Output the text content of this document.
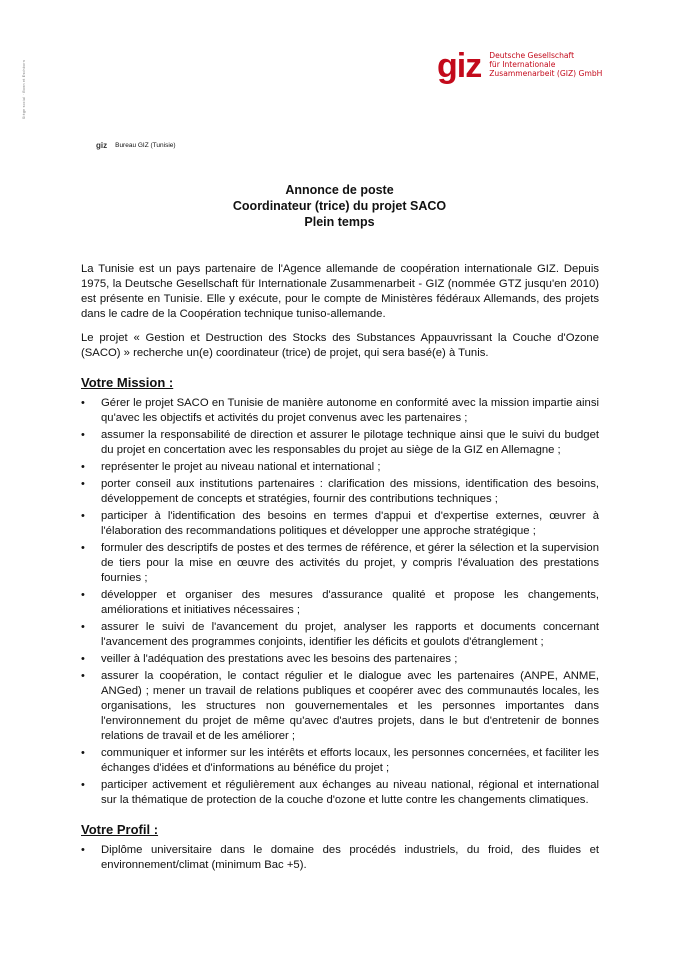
Siège social · Bonn et Eschborn	giz Deutsche Gesellschaft
für Internationale
Zusammenarbeit (GIZ) GmbH
giz Bureau GIZ (Tunisie)
Annonce de poste
Coordinateur (trice) du projet SACO
Plein temps

La Tunisie est un pays partenaire de l'Agence allemande de coopération internationale GIZ. Depuis 1975, la Deutsche Gesellschaft für Internationale Zusammenarbeit - GIZ (nommée GTZ jusqu'en 2010) est présente en Tunisie. Elle y exécute, pour le compte de Ministères fédéraux Allemands, des projets dans le cadre de la Coopération technique tuniso-allemande.

Le projet « Gestion et Destruction des Stocks des Substances Appauvrissant la Couche d'Ozone (SACO) » recherche un(e) coordinateur (trice) de projet, qui sera basé(e) à Tunis.

Votre Mission :
• Gérer le projet SACO en Tunisie de manière autonome en conformité avec la mission impartie ainsi qu'avec les objectifs et activités du projet convenus avec les partenaires ;
• assumer la responsabilité de direction et assurer le pilotage technique ainsi que le suivi du budget du projet en concertation avec les responsables du projet au siège de la GIZ en Allemagne ;
• représenter le projet au niveau national et international ;
• porter conseil aux institutions partenaires : clarification des missions, identification des besoins, développement de concepts et stratégies, fournir des contributions techniques ;
• participer à l'identification des besoins en termes d'appui et d'expertise externes, œuvrer à l'élaboration des recommandations politiques et développer une approche stratégique ;
• formuler des descriptifs de postes et des termes de référence, et gérer la sélection et la supervision de tiers pour la mise en œuvre des activités du projet, y compris l'évaluation des prestations fournies ;
• développer et organiser des mesures d'assurance qualité et propose les changements, améliorations et initiatives nécessaires ;
• assurer le suivi de l'avancement du projet, analyser les rapports et documents concernant l'avancement des programmes conjoints, identifier les déficits et goulots d'étranglement ;
• veiller à l'adéquation des prestations avec les besoins des partenaires ;
• assurer la coopération, le contact régulier et le dialogue avec les partenaires (ANPE, ANME, ANGed) ; mener un travail de relations publiques et coopérer avec des communautés locales, les organisations, les structures non gouvernementales et les personnes importantes dans l'environnement du projet de même qu'avec d'autres projets, dans le but d'entretenir de bonnes relations de travail et de les améliorer ;
• communiquer et informer sur les intérêts et efforts locaux, les personnes concernées, et faciliter les échanges d'idées et d'informations au bénéfice du projet ;
• participer activement et régulièrement aux échanges au niveau national, régional et international sur la thématique de protection de la couche d'ozone et lutte contre les changements climatiques.
Votre Profil :
• Diplôme universitaire dans le domaine des procédés industriels, du froid, des fluides et environnement/climat (minimum Bac +5).
